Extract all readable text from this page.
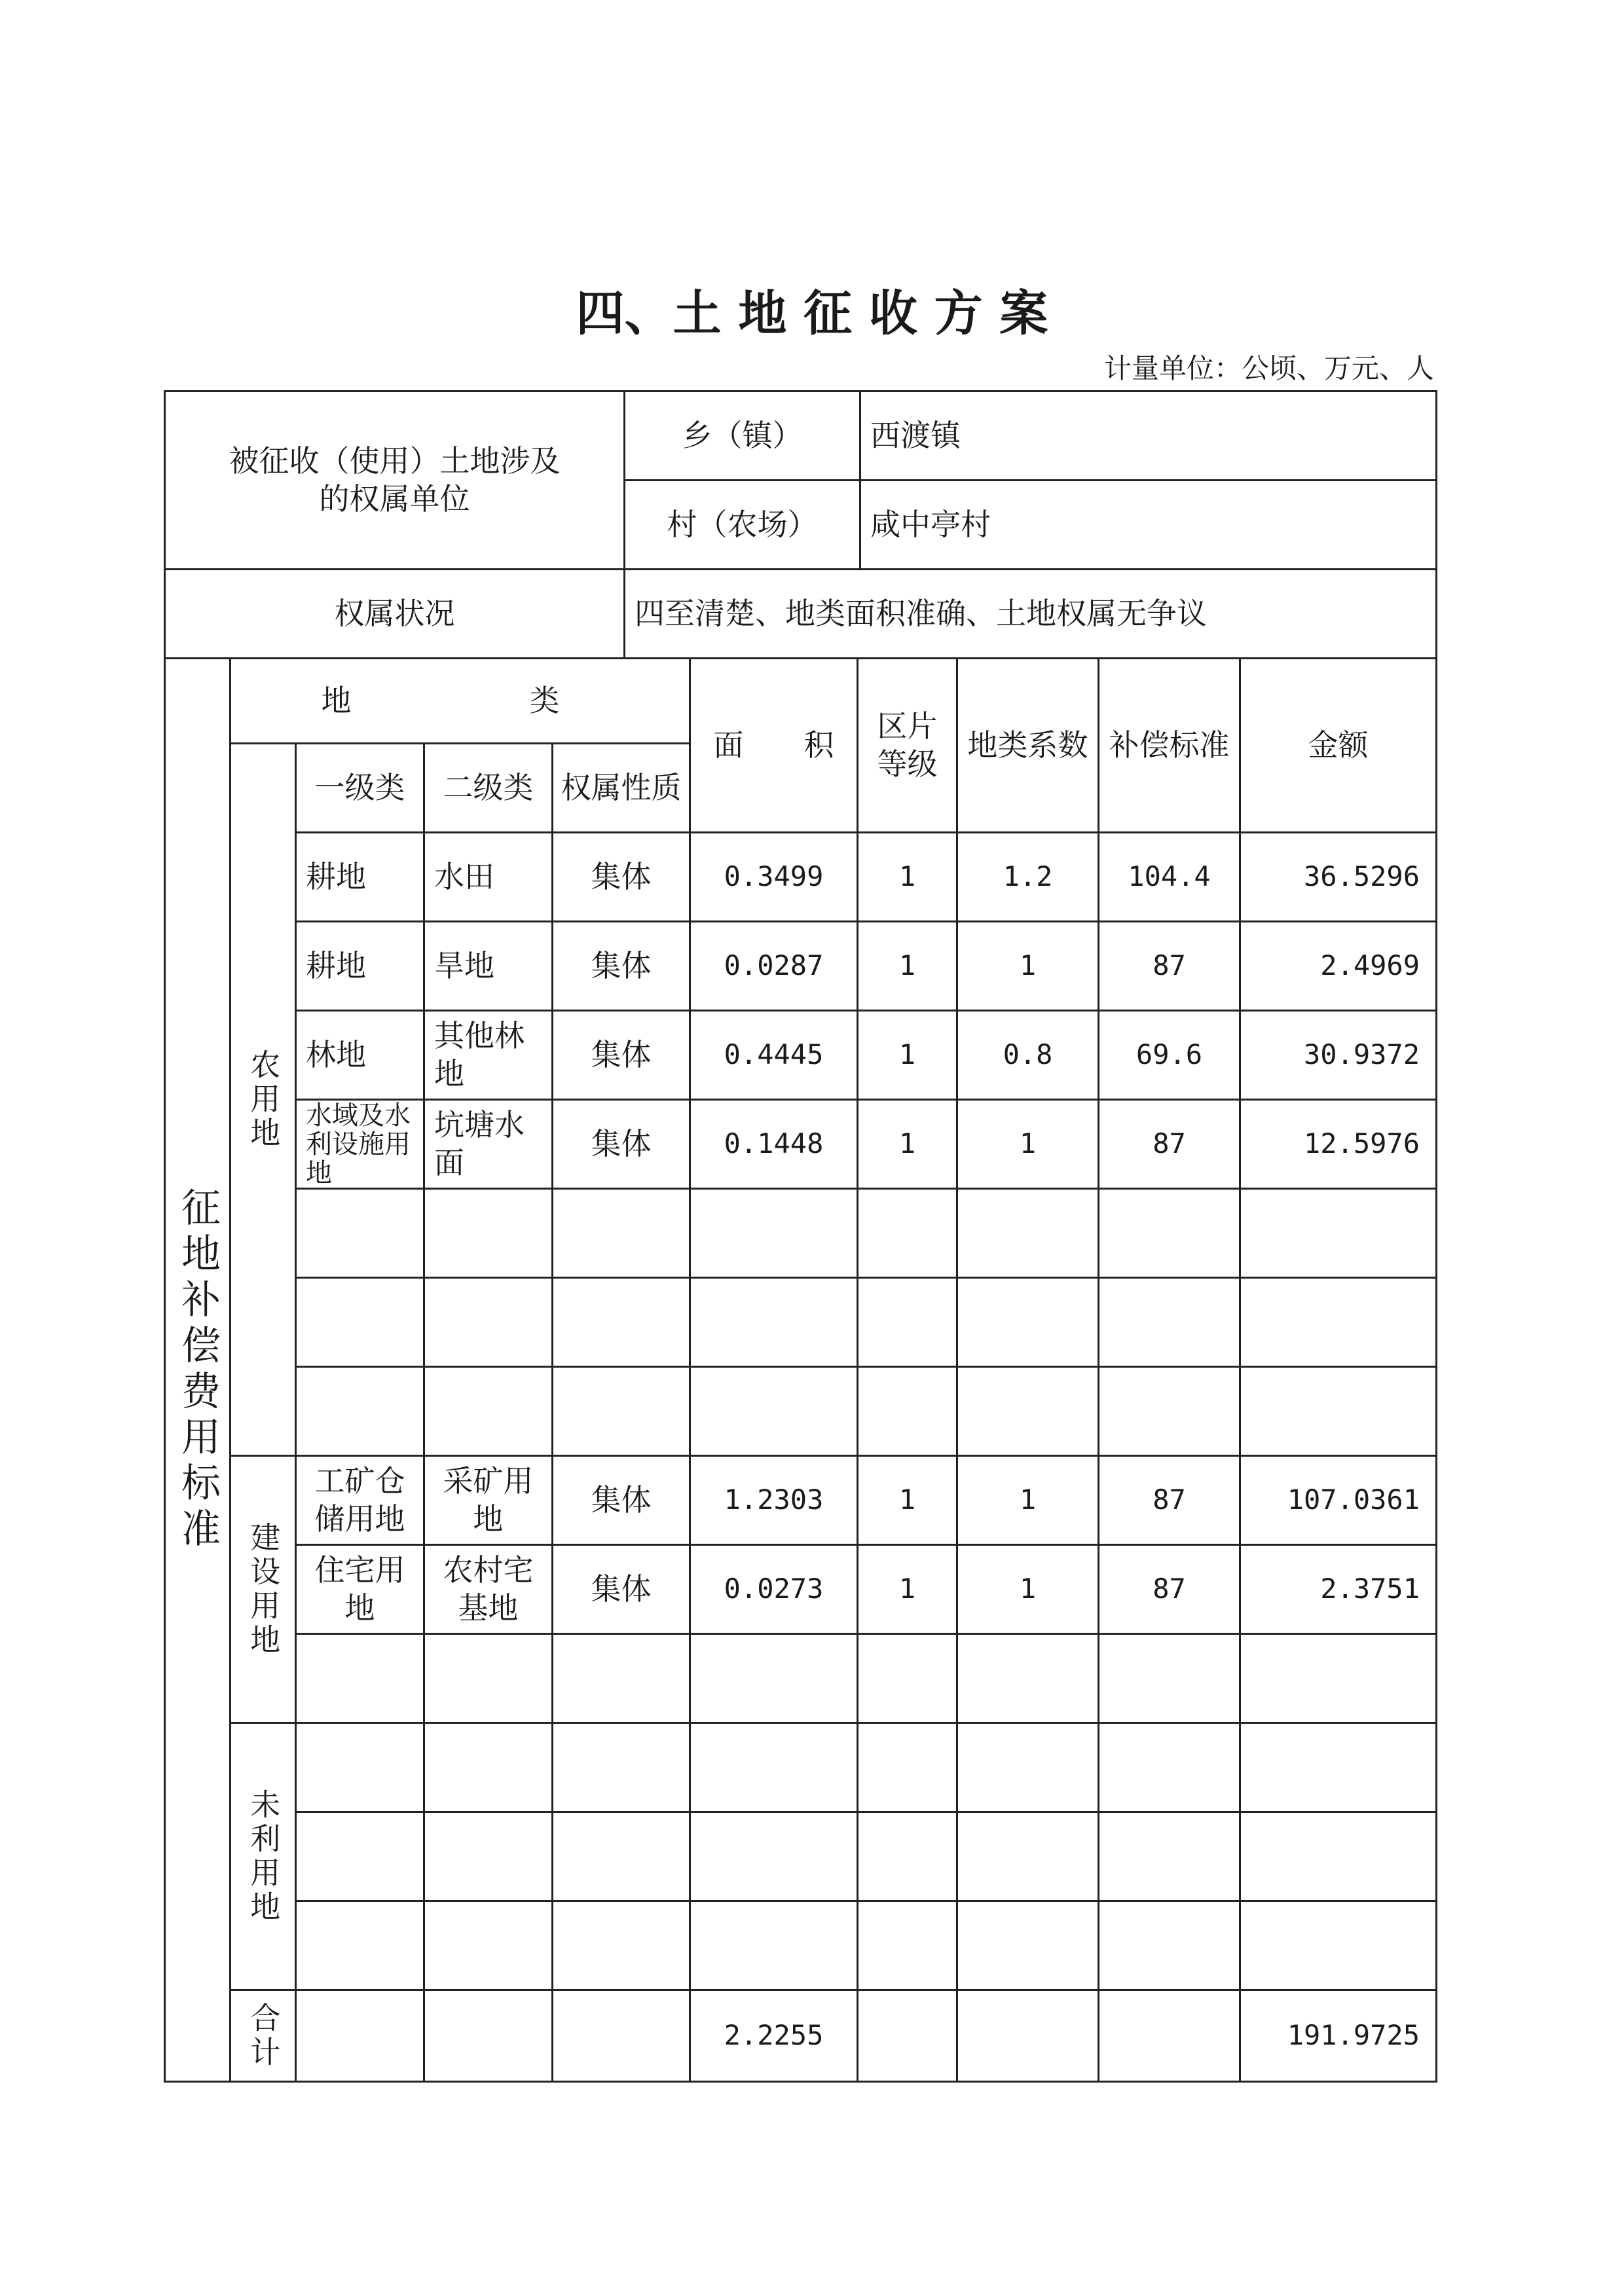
四、土 地 征 收 方 案
计量单位：公顷、万元、人
被征收（使用）土地涉及的权属单位	乡（镇）	西渡镇
	村（农场）	咸中亭村
权属状况	四至清楚、地类面积准确、土地权属无争议	
征地补偿费用标准	地　　类				面　　积	区片等级	地类系数	补偿标准	金额
	农用地	一级类	二级类	权属性质					
		耕地	水田	集体	0.3499	1	1.2	104.4	36.5296
		耕地	旱地	集体	0.0287	1	1	87	2.4969
		林地	其他林地	集体	0.4445	1	0.8	69.6	30.9372
		水域及水利设施用地	坑塘水面	集体	0.1448	1	1	87	12.5976

	建设用地	工矿仓储用地	采矿用地	集体	1.2303	1	1	87	107.0361
		住宅用地	农村宅基地	集体	0.0273	1	1	87	2.3751

	未利用地								

	合计				2.2255				191.9725
